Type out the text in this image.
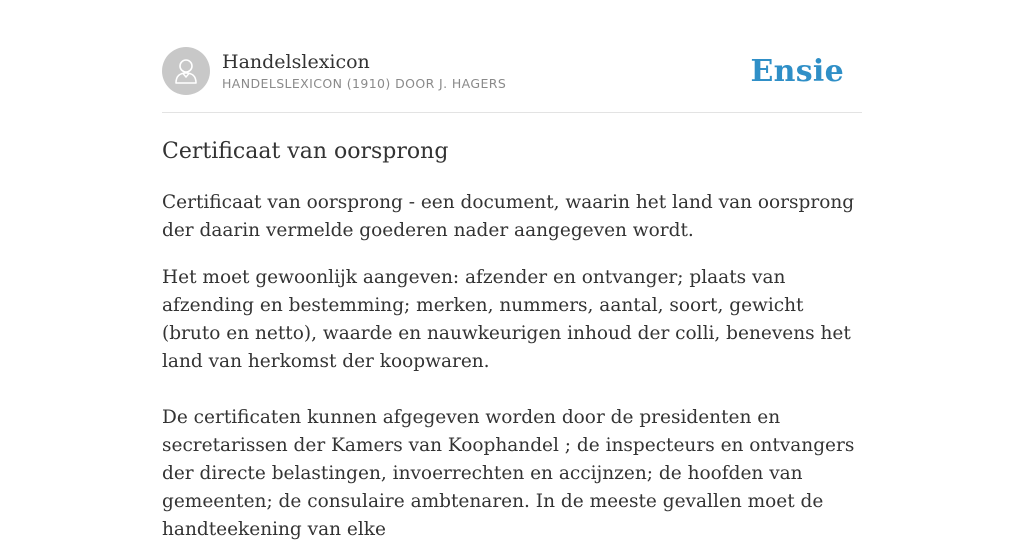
Handelslexicon
HANDELSLEXICON (1910) DOOR J. HAGERS	Ensie
Certificaat van oorsprong

Certificaat van oorsprong - een document, waarin het land van oorsprong der daarin vermelde goederen nader aangegeven wordt.

Het moet gewoonlijk aangeven: afzender en ontvanger; plaats van afzending en bestemming; merken, nummers, aantal, soort, gewicht (bruto en netto), waarde en nauwkeurigen inhoud der colli, benevens het land van herkomst der koopwaren.

De certificaten kunnen afgegeven worden door de presidenten en secretarissen der Kamers van Koophandel ; de inspecteurs en ontvangers der directe belastingen, invoerrechten en accijnzen; de hoofden van gemeenten; de consulaire ambtenaren. In de meeste gevallen moet de handteekening van elke
